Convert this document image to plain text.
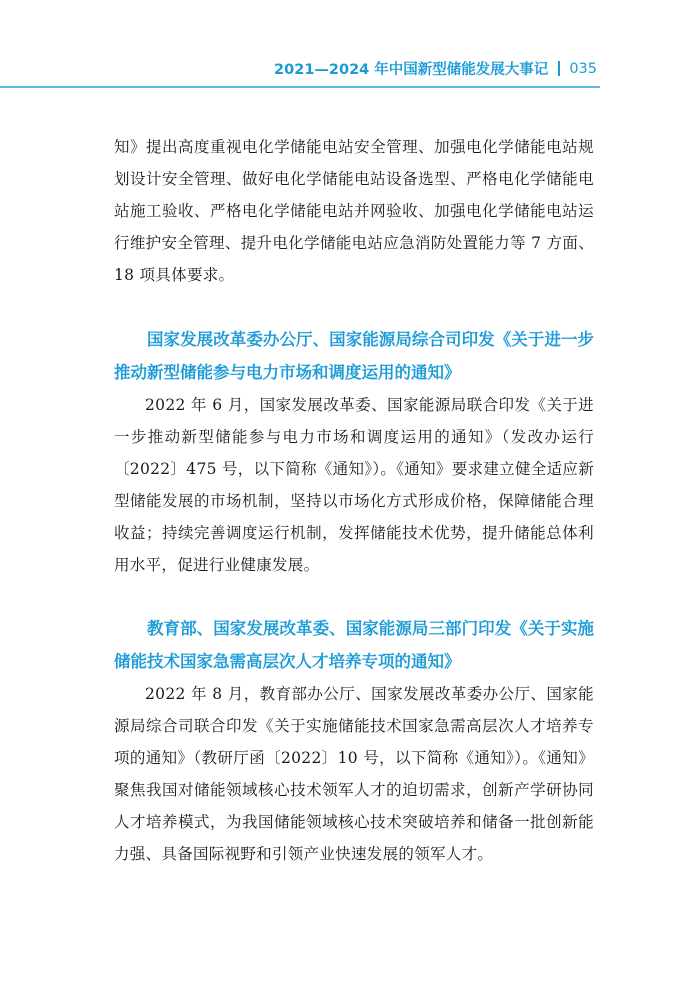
2021—2024 年中国新型储能发展大事记 035

知》提出高度重视电化学储能电站安全管理、加强电化学储能电站规划设计安全管理、做好电化学储能电站设备选型、严格电化学储能电站施工验收、严格电化学储能电站并网验收、加强电化学储能电站运行维护安全管理、提升电化学储能电站应急消防处置能力等 7 方面、18 项具体要求。

国家发展改革委办公厅、国家能源局综合司印发《关于进一步推动新型储能参与电力市场和调度运用的通知》

2022 年 6 月，国家发展改革委、国家能源局联合印发《关于进一步推动新型储能参与电力市场和调度运用的通知》（发改办运行〔2022〕475 号，以下简称《通知》）。《通知》要求建立健全适应新型储能发展的市场机制，坚持以市场化方式形成价格，保障储能合理收益；持续完善调度运行机制，发挥储能技术优势，提升储能总体利用水平，促进行业健康发展。

教育部、国家发展改革委、国家能源局三部门印发《关于实施储能技术国家急需高层次人才培养专项的通知》

2022 年 8 月，教育部办公厅、国家发展改革委办公厅、国家能源局综合司联合印发《关于实施储能技术国家急需高层次人才培养专项的通知》（教研厅函〔2022〕10 号，以下简称《通知》）。《通知》聚焦我国对储能领域核心技术领军人才的迫切需求，创新产学研协同人才培养模式，为我国储能领域核心技术突破培养和储备一批创新能力强、具备国际视野和引领产业快速发展的领军人才。
